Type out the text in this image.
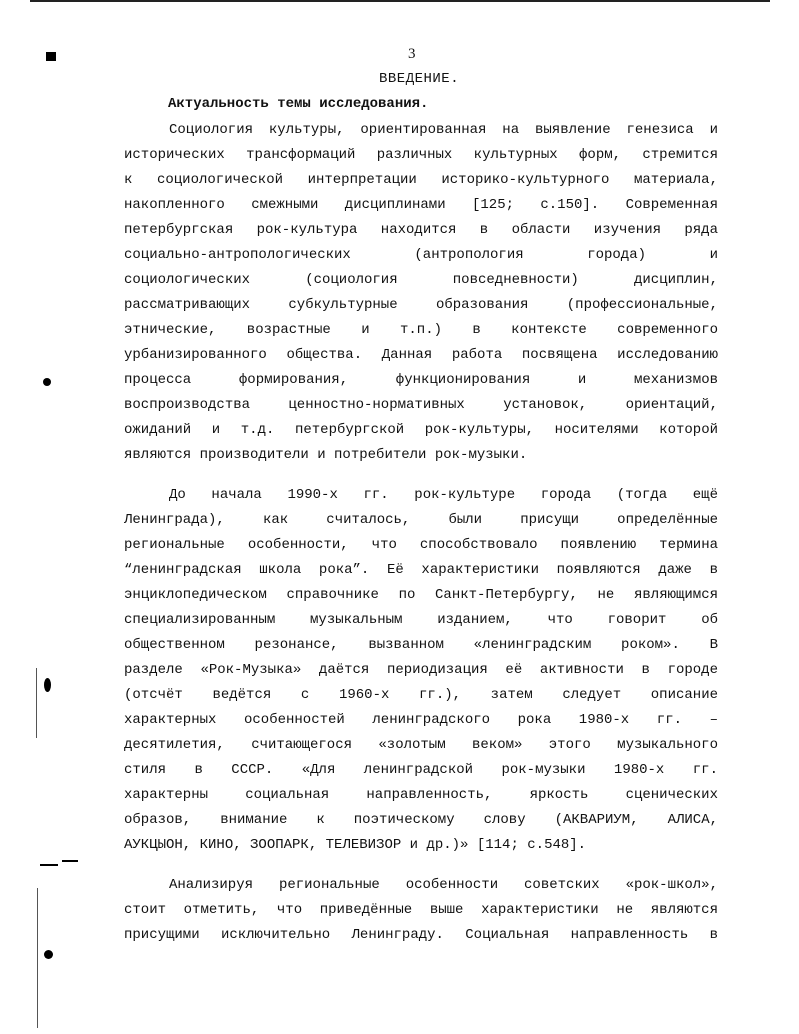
3
ВВЕДЕНИЕ.
Актуальность темы исследования.
Социология культуры, ориентированная на выявление генезиса и
исторических трансформаций различных культурных форм, стремится
к социологической интерпретации историко-культурного материала,
накопленного смежными дисциплинами [125; с.150]. Современная
петербургская рок-культура находится в области изучения ряда
социально-антропологических (антропология города) и
социологических (социология повседневности) дисциплин,
рассматривающих субкультурные образования (профессиональные,
этнические, возрастные и т.п.) в контексте современного
урбанизированного общества. Данная работа посвящена исследованию
процесса формирования, функционирования и механизмов
воспроизводства ценностно-нормативных установок, ориентаций,
ожиданий и т.д. петербургской рок-культуры, носителями которой
являются производители и потребители рок-музыки.
До начала 1990-х гг. рок-культуре города (тогда ещё
Ленинграда), как считалось, были присущи определённые
региональные особенности, что способствовало появлению термина
“ленинградская школа рока”. Её характеристики появляются даже в
энциклопедическом справочнике по Санкт-Петербургу, не являющимся
специализированным музыкальным изданием, что говорит об
общественном резонансе, вызванном «ленинградским роком». В
разделе «Рок-Музыка» даётся периодизация её активности в городе
(отсчёт ведётся с 1960-х гг.), затем следует описание
характерных особенностей ленинградского рока 1980-х гг. –
десятилетия, считающегося «золотым веком» этого музыкального
стиля в СССР. «Для ленинградской рок-музыки 1980-х гг.
характерны социальная направленность, яркость сценических
образов, внимание к поэтическому слову (АКВАРИУМ, АЛИСА,
АУКЦЫОН, КИНО, ЗООПАРК, ТЕЛЕВИЗОР и др.)» [114; с.548].
Анализируя региональные особенности советских «рок-школ»,
стоит отметить, что приведённые выше характеристики не являются
присущими исключительно Ленинграду. Социальная направленность в
